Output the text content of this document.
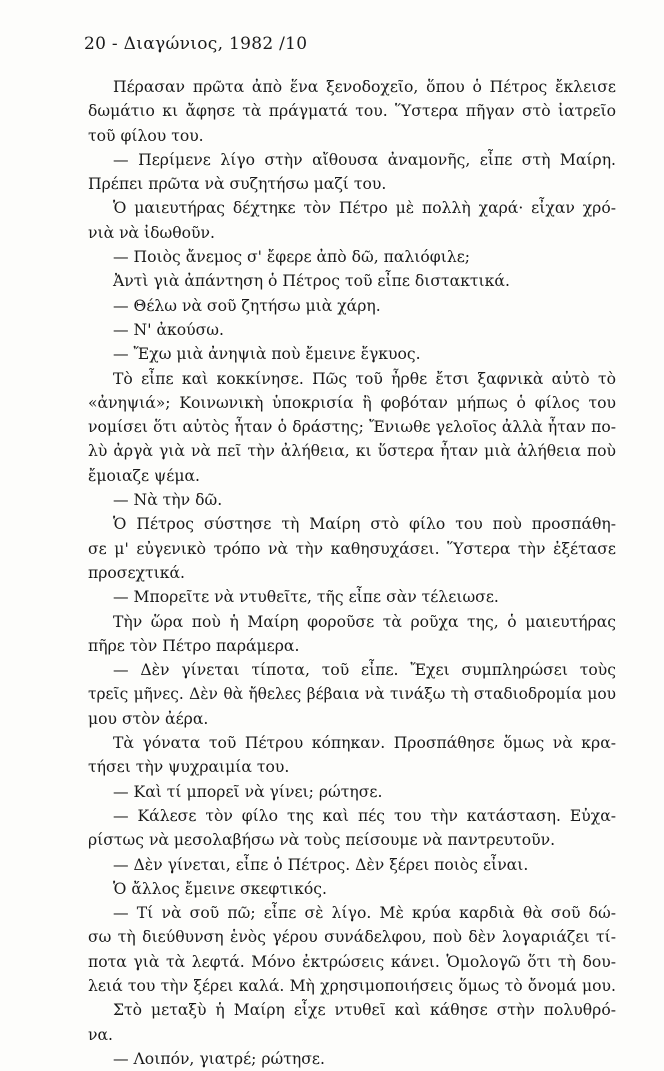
20 - Διαγώνιος, 1982 /10
Πέρασαν πρῶτα ἀπὸ ἕνα ξενοδοχεῖο, ὅπου ὁ Πέτρος ἔκλεισε
δωμάτιο κι ἄφησε τὰ πράγματά του. Ὕστερα πῆγαν στὸ ἰατρεῖο
τοῦ φίλου του.
— Περίμενε λίγο στὴν αἴθουσα ἀναμονῆς, εἶπε στὴ Μαίρη.
Πρέπει πρῶτα νὰ συζητήσω μαζί του.
Ὁ μαιευτήρας δέχτηκε τὸν Πέτρο μὲ πολλὴ χαρά· εἶχαν χρό-
νιὰ νὰ ἰδωθοῦν.
— Ποιὸς ἄνεμος σ' ἔφερε ἀπὸ δῶ, παλιόφιλε;
Ἀντὶ γιὰ ἀπάντηση ὁ Πέτρος τοῦ εἶπε διστακτικά.
— Θέλω νὰ σοῦ ζητήσω μιὰ χάρη.
— Ν' ἀκούσω.
— Ἔχω μιὰ ἀνηψιὰ ποὺ ἔμεινε ἔγκυος.
Τὸ εἶπε καὶ κοκκίνησε. Πῶς τοῦ ἦρθε ἔτσι ξαφνικὰ αὐτὸ τὸ
«ἀνηψιά»; Κοινωνικὴ ὑποκρισία ἢ φοβόταν μήπως ὁ φίλος του
νομίσει ὅτι αὐτὸς ἦταν ὁ δράστης; Ἔνιωθε γελοῖος ἀλλὰ ἦταν πο-
λὺ ἀργὰ γιὰ νὰ πεῖ τὴν ἀλήθεια, κι ὕστερα ἦταν μιὰ ἀλήθεια ποὺ
ἔμοιαζε ψέμα.
— Νὰ τὴν δῶ.
Ὁ Πέτρος σύστησε τὴ Μαίρη στὸ φίλο του ποὺ προσπάθη-
σε μ' εὐγενικὸ τρόπο νὰ τὴν καθησυχάσει. Ὕστερα τὴν ἐξέτασε
προσεχτικά.
— Μπορεῖτε νὰ ντυθεῖτε, τῆς εἶπε σὰν τέλειωσε.
Τὴν ὥρα ποὺ ἡ Μαίρη φοροῦσε τὰ ροῦχα της, ὁ μαιευτήρας
πῆρε τὸν Πέτρο παράμερα.
— Δὲν γίνεται τίποτα, τοῦ εἶπε. Ἔχει συμπληρώσει τοὺς
τρεῖς μῆνες. Δὲν θὰ ἤθελες βέβαια νὰ τινάξω τὴ σταδιοδρομία μου
μου στὸν ἀέρα.
Τὰ γόνατα τοῦ Πέτρου κόπηκαν. Προσπάθησε ὅμως νὰ κρα-
τήσει τὴν ψυχραιμία του.
— Καὶ τί μπορεῖ νὰ γίνει; ρώτησε.
— Κάλεσε τὸν φίλο της καὶ πές του τὴν κατάσταση. Εὐχα-
ρίστως νὰ μεσολαβήσω νὰ τοὺς πείσουμε νὰ παντρευτοῦν.
— Δὲν γίνεται, εἶπε ὁ Πέτρος. Δὲν ξέρει ποιὸς εἶναι.
Ὁ ἄλλος ἔμεινε σκεφτικός.
— Τί νὰ σοῦ πῶ; εἶπε σὲ λίγο. Μὲ κρύα καρδιὰ θὰ σοῦ δώ-
σω τὴ διεύθυνση ἑνὸς γέρου συνάδελφου, ποὺ δὲν λογαριάζει τί-
ποτα γιὰ τὰ λεφτά. Μόνο ἐκτρώσεις κάνει. Ὁμολογῶ ὅτι τὴ δου-
λειά του τὴν ξέρει καλά. Μὴ χρησιμοποιήσεις ὅμως τὸ ὄνομά μου.
Στὸ μεταξὺ ἡ Μαίρη εἶχε ντυθεῖ καὶ κάθησε στὴν πολυθρό-
να.
— Λοιπόν, γιατρέ; ρώτησε.
